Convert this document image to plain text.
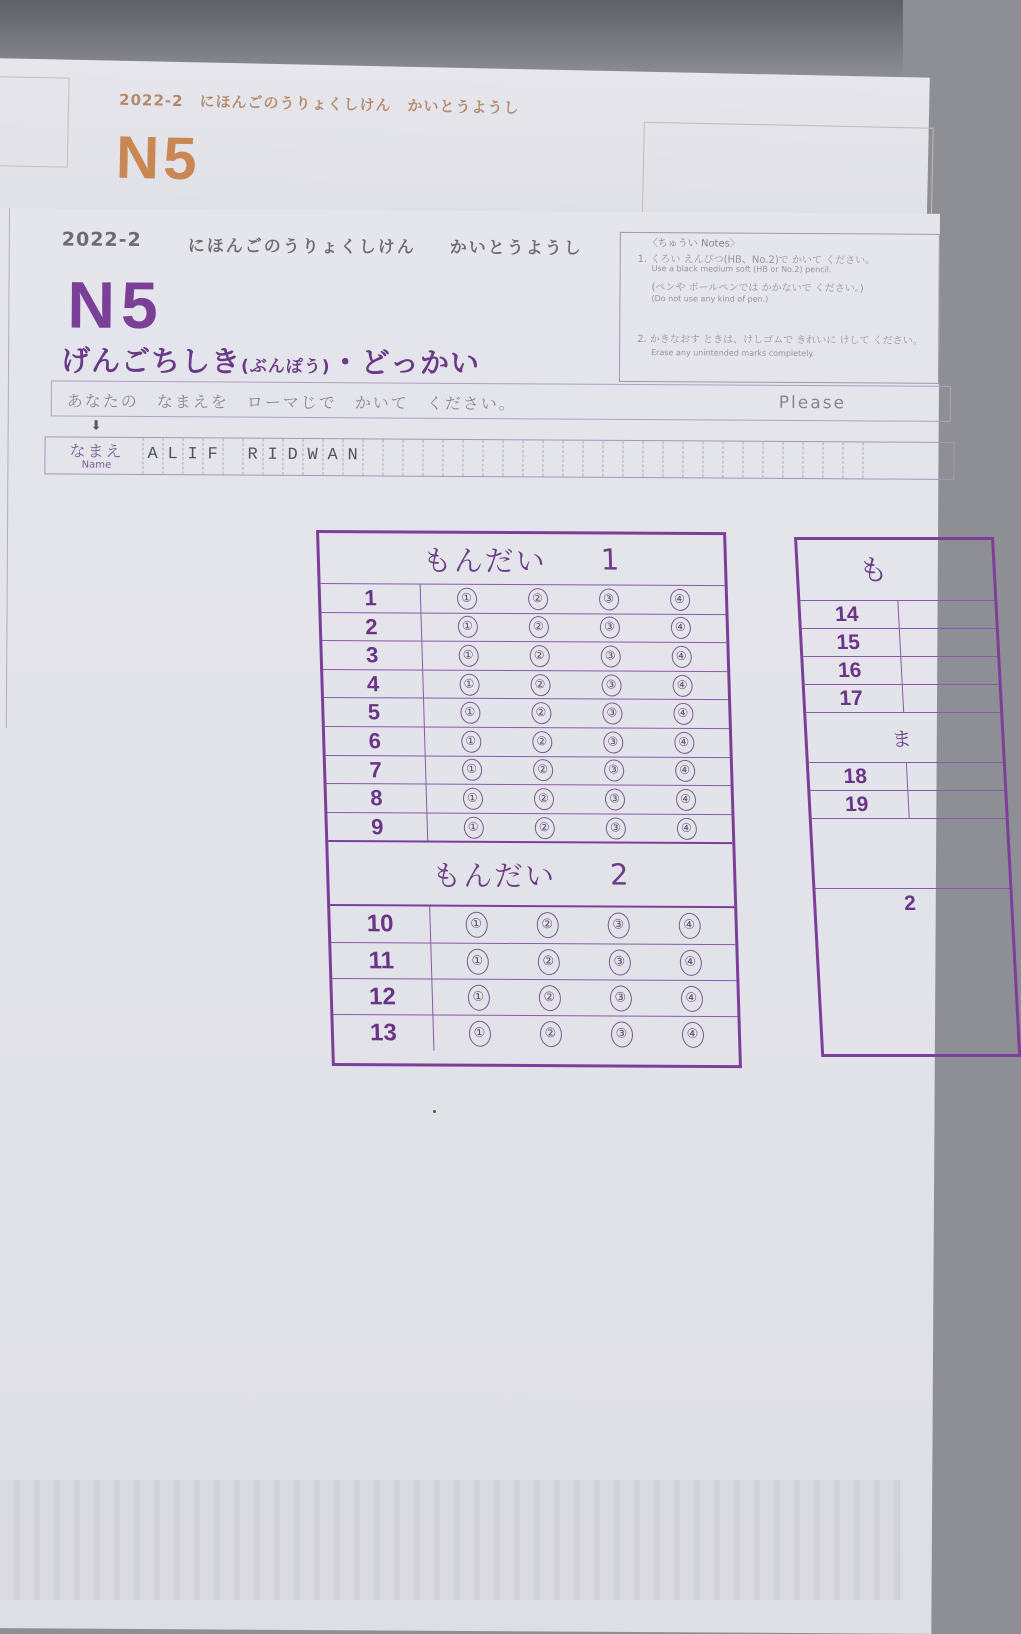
2022-2　にほんごのうりょくしけん　かいとうようし
N5
2022-2	にほんごのうりょくしけん かいとうようし
N5
げんごちしき(ぶんぽう)・どっかい
〈ちゅうい Notes〉
1. くろい えんぴつ(HB、No.2)で かいて ください。
Use a black medium soft (HB or No.2) pencil.
(ペンや ボールペンでは かかないで ください。)
(Do not use any kind of pen.)
2. かきなおす ときは、けしゴムで きれいに けして ください。
Erase any unintended marks completely.
あなたの　なまえを　ローマじで　かいて　ください。	Please
⬇
なまえ
Name
A L I F R I D W A N
もんだい 1
1	①	②	③	④
2	①	②	③	④
3	①	②	③	④
4	①	②	③	④
5	①	②	③	④
6	①	②	③	④
7	①	②	③	④
8	①	②	③	④
9	①	②	③	④
もんだい 2
10	①	②	③	④
11	①	②	③	④
12	①	②	③	④
13	①	②	③	④
も
14
15
16
17
ま
18
19
2
